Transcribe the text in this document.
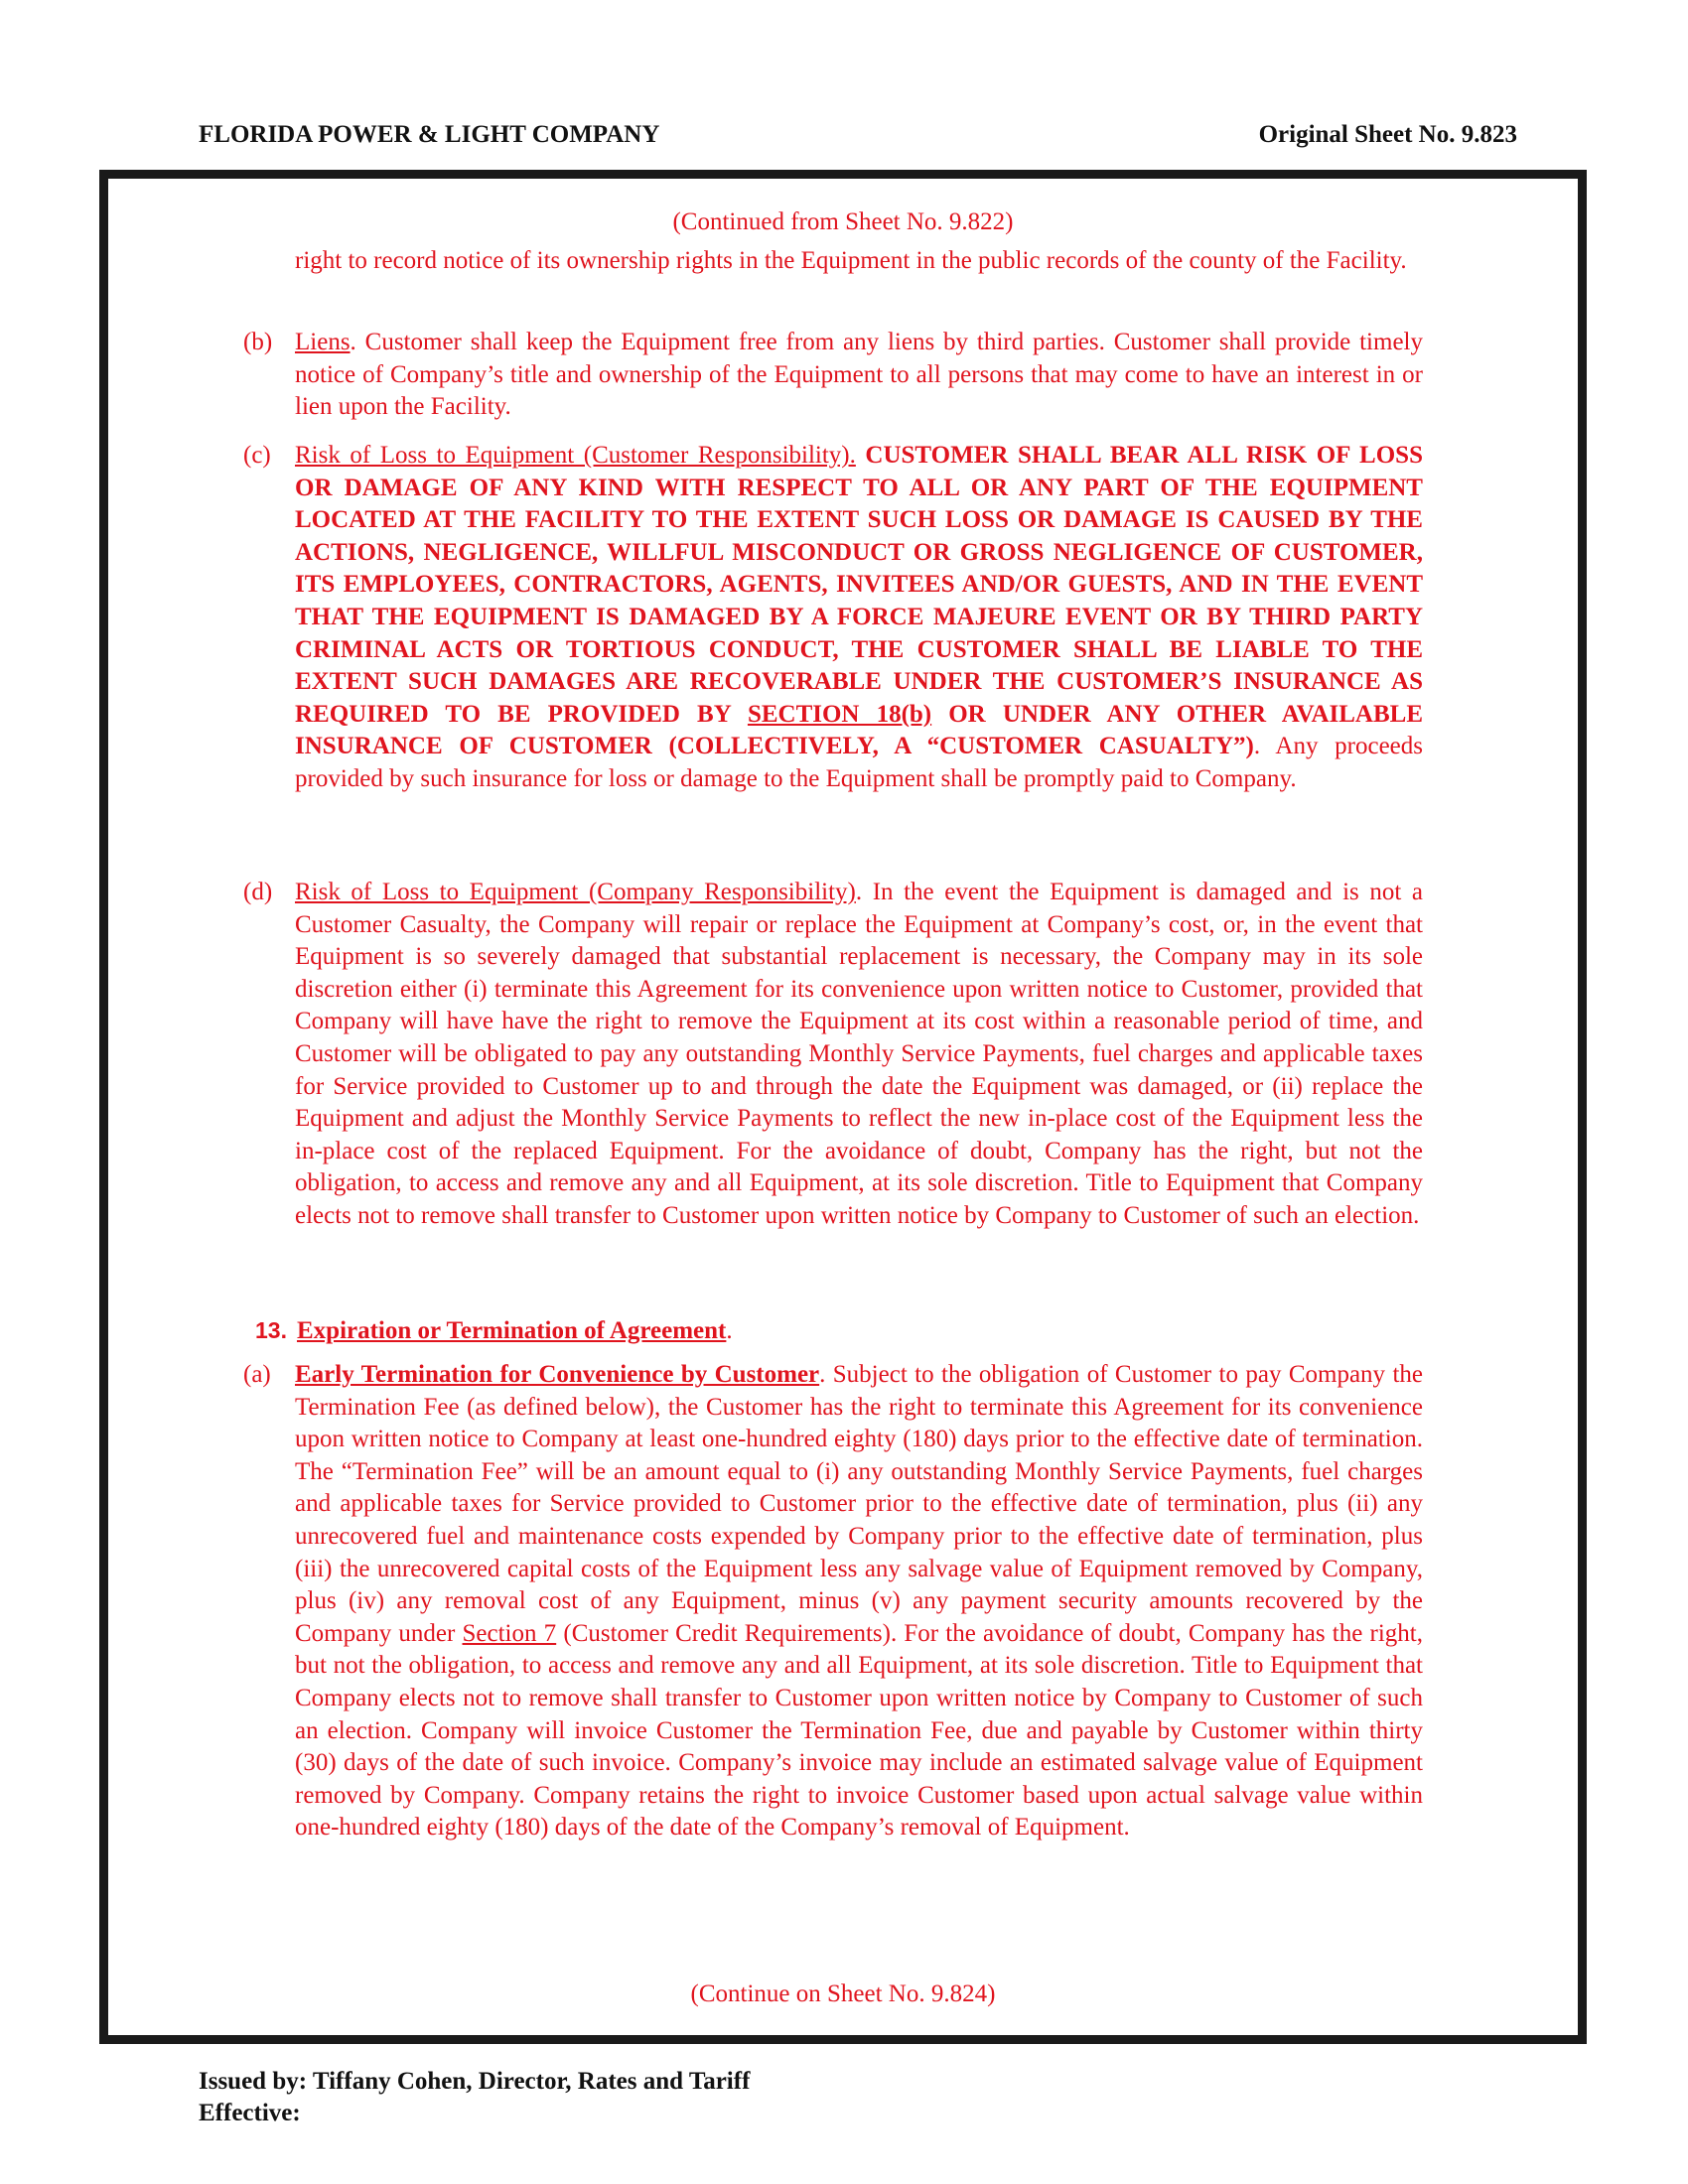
FLORIDA POWER & LIGHT COMPANY	Original Sheet No. 9.823
(Continued from Sheet No. 9.822)
(Continue on Sheet No. 9.824)
13. Expiration or Termination of Agreement.
right to record notice of its ownership rights in the Equipment in the public records of the county of the Facility.
(b) Liens. Customer shall keep the Equipment free from any liens by third parties. Customer shall provide timely notice of Company’s title and ownership of the Equipment to all persons that may come to have an interest in or lien upon the Facility.
(c) Risk of Loss to Equipment (Customer Responsibility). CUSTOMER SHALL BEAR ALL RISK OF LOSS OR DAMAGE OF ANY KIND WITH RESPECT TO ALL OR ANY PART OF THE EQUIPMENT LOCATED AT THE FACILITY TO THE EXTENT SUCH LOSS OR DAMAGE IS CAUSED BY THE ACTIONS, NEGLIGENCE, WILLFUL MISCONDUCT OR GROSS NEGLIGENCE OF CUSTOMER, ITS EMPLOYEES, CONTRACTORS, AGENTS, INVITEES AND/OR GUESTS, AND IN THE EVENT THAT THE EQUIPMENT IS DAMAGED BY A FORCE MAJEURE EVENT OR BY THIRD PARTY CRIMINAL ACTS OR TORTIOUS CONDUCT, THE CUSTOMER SHALL BE LIABLE TO THE EXTENT SUCH DAMAGES ARE RECOVERABLE UNDER THE CUSTOMER’S INSURANCE AS REQUIRED TO BE PROVIDED BY SECTION 18(b) OR UNDER ANY OTHER AVAILABLE INSURANCE OF CUSTOMER (COLLECTIVELY, A “CUSTOMER CASUALTY”). Any proceeds provided by such insurance for loss or damage to the Equipment shall be promptly paid to Company.
(d) Risk of Loss to Equipment (Company Responsibility). In the event the Equipment is damaged and is not a Customer Casualty, the Company will repair or replace the Equipment at Company’s cost, or, in the event that Equipment is so severely damaged that substantial replacement is necessary, the Company may in its sole discretion either (i) terminate this Agreement for its convenience upon written notice to Customer, provided that Company will have have the right to remove the Equipment at its cost within a reasonable period of time, and Customer will be obligated to pay any outstanding Monthly Service Payments, fuel charges and applicable taxes for Service provided to Customer up to and through the date the Equipment was damaged, or (ii) replace the Equipment and adjust the Monthly Service Payments to reflect the new in-place cost of the Equipment less the in-place cost of the replaced Equipment. For the avoidance of doubt, Company has the right, but not the obligation, to access and remove any and all Equipment, at its sole discretion. Title to Equipment that Company elects not to remove shall transfer to Customer upon written notice by Company to Customer of such an election.
(a) Early Termination for Convenience by Customer. Subject to the obligation of Customer to pay Company the Termination Fee (as defined below), the Customer has the right to terminate this Agreement for its convenience upon written notice to Company at least one-hundred eighty (180) days prior to the effective date of termination. The “Termination Fee” will be an amount equal to (i) any outstanding Monthly Service Payments, fuel charges and applicable taxes for Service provided to Customer prior to the effective date of termination, plus (ii) any unrecovered fuel and maintenance costs expended by Company prior to the effective date of termination, plus (iii) the unrecovered capital costs of the Equipment less any salvage value of Equipment removed by Company, plus (iv) any removal cost of any Equipment, minus (v) any payment security amounts recovered by the Company under Section 7 (Customer Credit Requirements). For the avoidance of doubt, Company has the right, but not the obligation, to access and remove any and all Equipment, at its sole discretion. Title to Equipment that Company elects not to remove shall transfer to Customer upon written notice by Company to Customer of such an election. Company will invoice Customer the Termination Fee, due and payable by Customer within thirty (30) days of the date of such invoice. Company’s invoice may include an estimated salvage value of Equipment removed by Company. Company retains the right to invoice Customer based upon actual salvage value within one-hundred eighty (180) days of the date of the Company’s removal of Equipment.
Issued by: Tiffany Cohen, Director, Rates and Tariff
Effective:
